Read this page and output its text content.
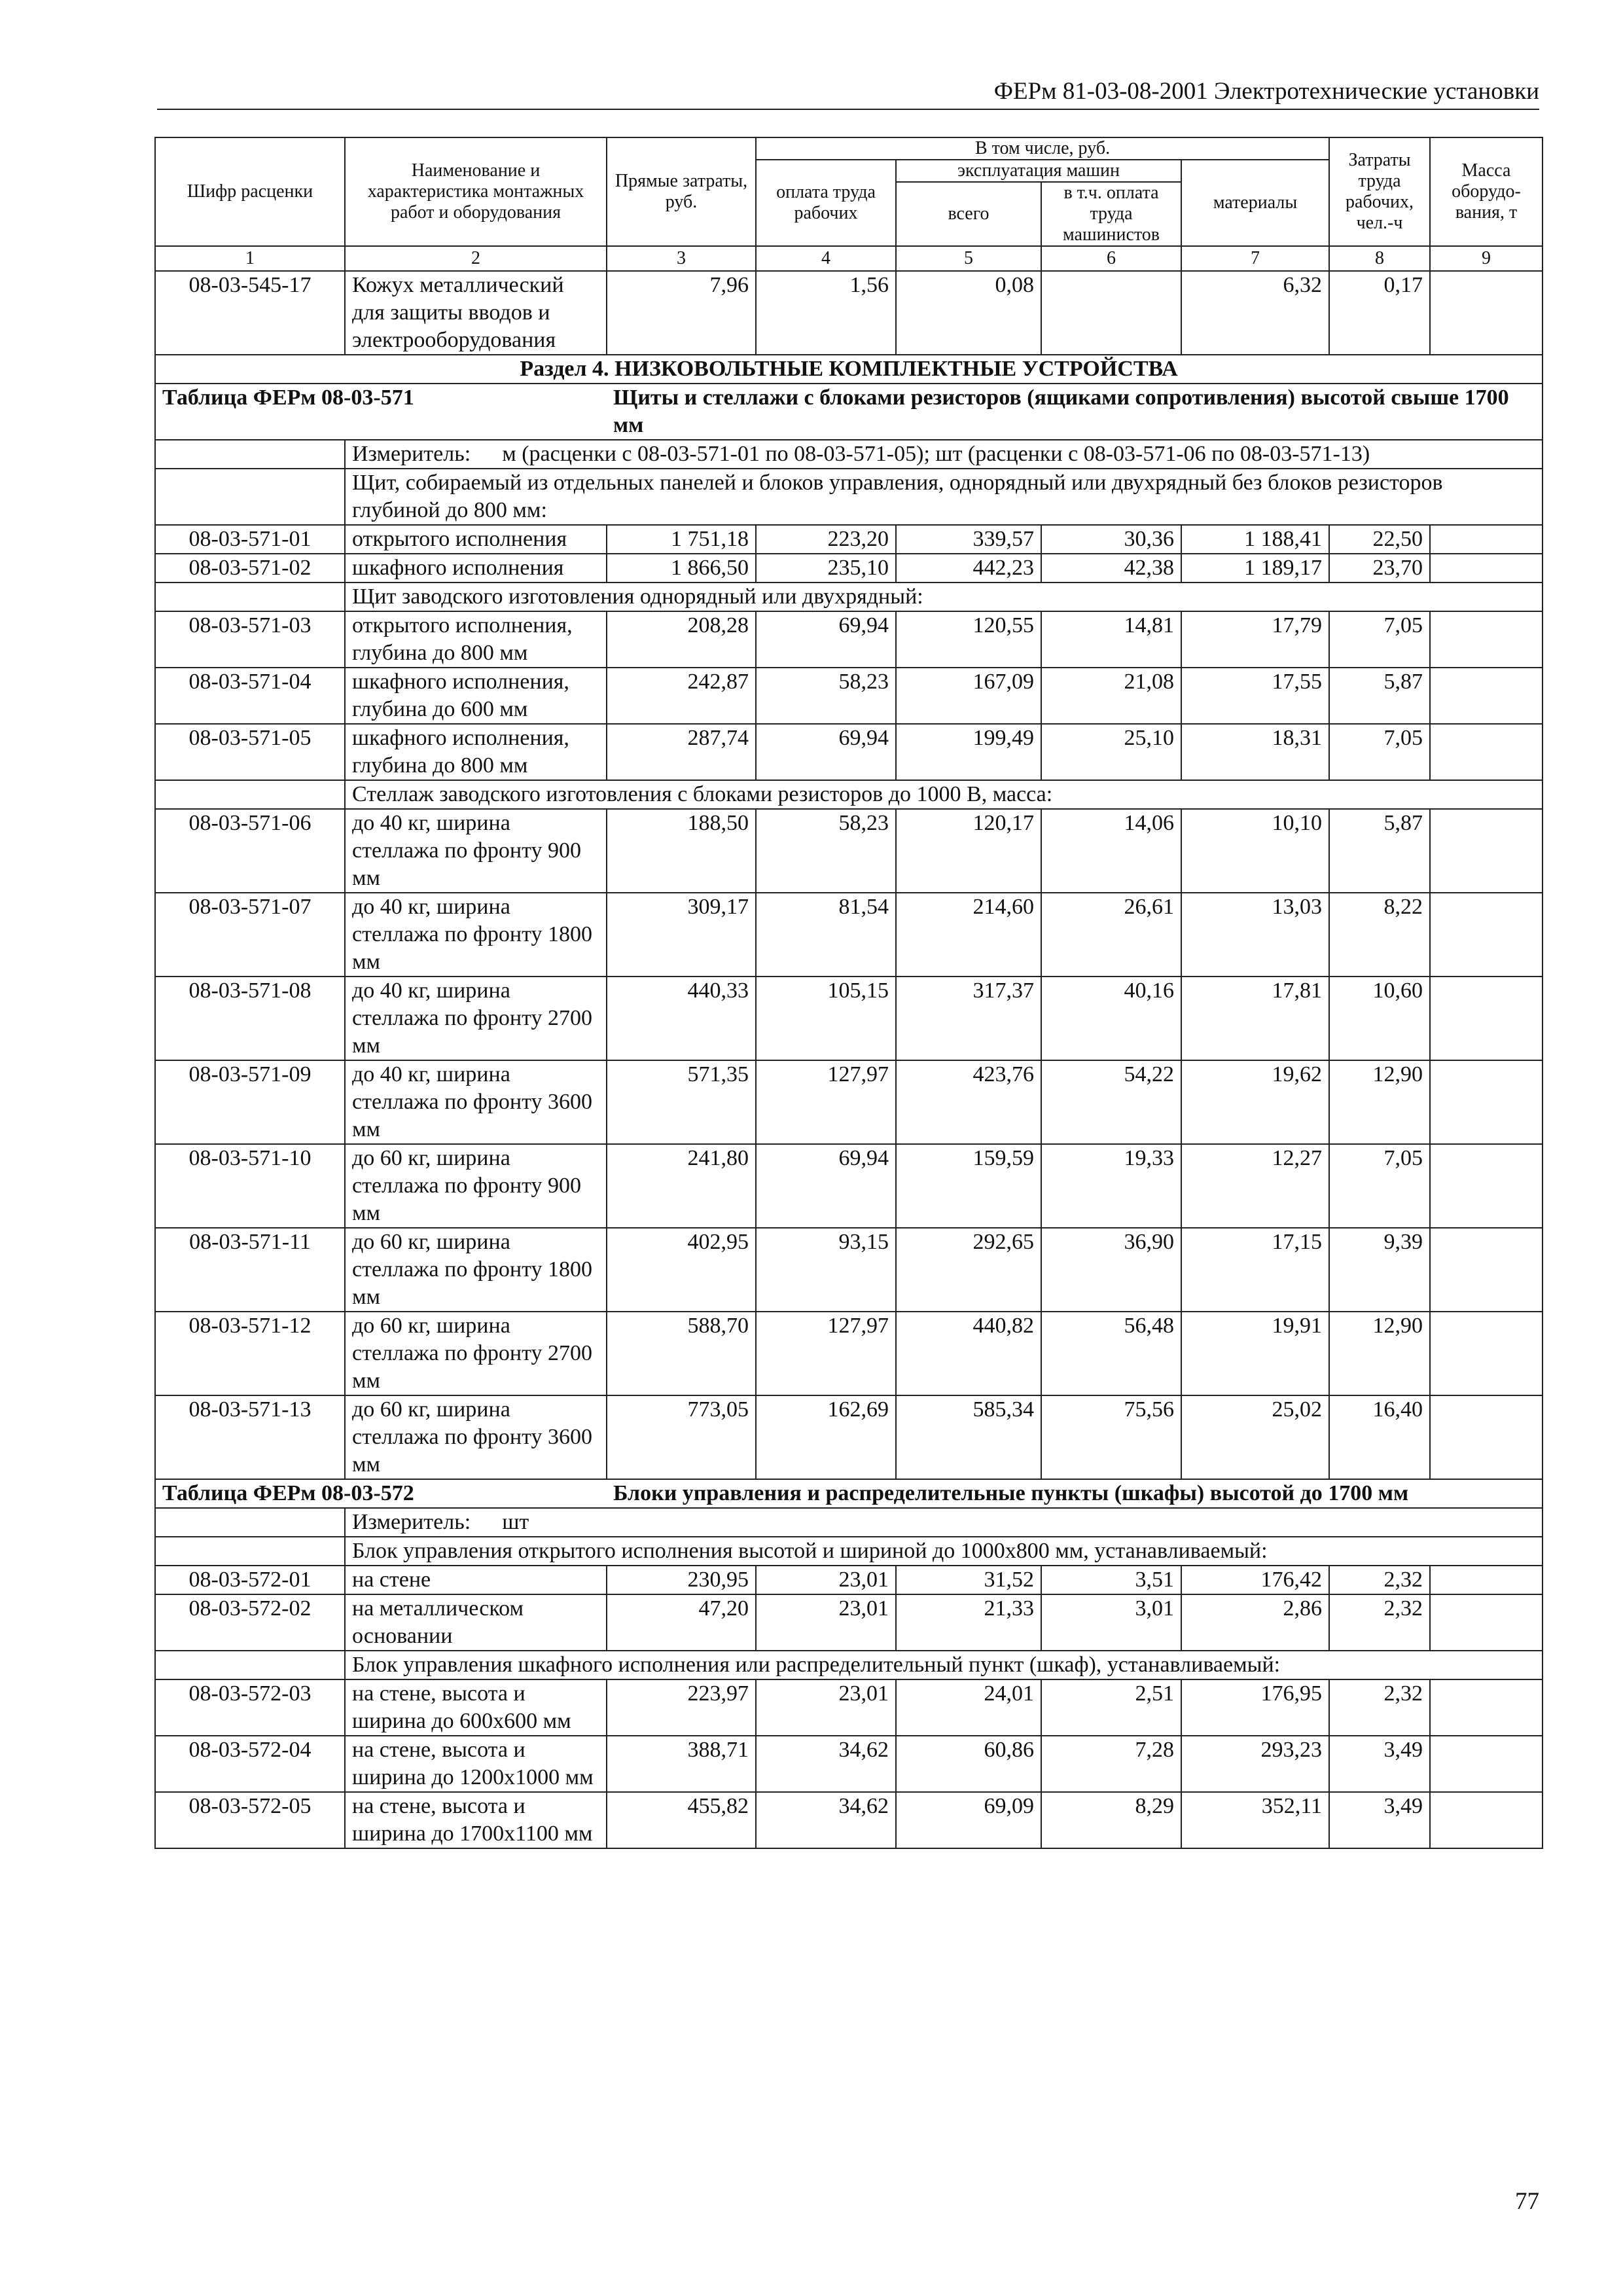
ФЕРм 81-03-08-2001 Электротехнические установки
Шифр расценки	Наименование и характеристика монтажных работ и оборудования	Прямые затраты, руб.	В том числе, руб.				Затраты труда рабочих, чел.-ч	Масса оборудо-вания, т
			оплата труда рабочих	эксплуатация машин		материалы		
				всего	в т.ч. оплата труда машинистов			

1	2	3	4	5	6	7	8	9
08-03-545-17	Кожух металлический для защиты вводов и электрооборудования	7,96	1,56	0,08		6,32	0,17	
Раздел 4. НИЗКОВОЛЬТНЫЕ КОМПЛЕКТНЫЕ УСТРОЙСТВА								
Таблица ФЕРм 08-03-571		Щиты и стеллажи с блоками резисторов (ящиками сопротивления) высотой свыше 1700 мм						
	Измеритель: м (расценки с 08-03-571-01 по 08-03-571-05); шт (расценки с 08-03-571-06 по 08-03-571-13)							
	Щит, собираемый из отдельных панелей и блоков управления, однорядный или двухрядный без блоков резисторов глубиной до 800 мм:							
08-03-571-01	открытого исполнения	1 751,18	223,20	339,57	30,36	1 188,41	22,50	
08-03-571-02	шкафного исполнения	1 866,50	235,10	442,23	42,38	1 189,17	23,70	
	Щит заводского изготовления однорядный или двухрядный:							
08-03-571-03	открытого исполнения, глубина до 800 мм	208,28	69,94	120,55	14,81	17,79	7,05	
08-03-571-04	шкафного исполнения, глубина до 600 мм	242,87	58,23	167,09	21,08	17,55	5,87	
08-03-571-05	шкафного исполнения, глубина до 800 мм	287,74	69,94	199,49	25,10	18,31	7,05	
	Стеллаж заводского изготовления с блоками резисторов до 1000 В, масса:							
08-03-571-06	до 40 кг, ширина стеллажа по фронту 900 мм	188,50	58,23	120,17	14,06	10,10	5,87	
08-03-571-07	до 40 кг, ширина стеллажа по фронту 1800 мм	309,17	81,54	214,60	26,61	13,03	8,22	
08-03-571-08	до 40 кг, ширина стеллажа по фронту 2700 мм	440,33	105,15	317,37	40,16	17,81	10,60	
08-03-571-09	до 40 кг, ширина стеллажа по фронту 3600 мм	571,35	127,97	423,76	54,22	19,62	12,90	
08-03-571-10	до 60 кг, ширина стеллажа по фронту 900 мм	241,80	69,94	159,59	19,33	12,27	7,05	
08-03-571-11	до 60 кг, ширина стеллажа по фронту 1800 мм	402,95	93,15	292,65	36,90	17,15	9,39	
08-03-571-12	до 60 кг, ширина стеллажа по фронту 2700 мм	588,70	127,97	440,82	56,48	19,91	12,90	
08-03-571-13	до 60 кг, ширина стеллажа по фронту 3600 мм	773,05	162,69	585,34	75,56	25,02	16,40	
Таблица ФЕРм 08-03-572		Блоки управления и распределительные пункты (шкафы) высотой до 1700 мм						
	Измеритель: шт							
	Блок управления открытого исполнения высотой и шириной до 1000x800 мм, устанавливаемый:							
08-03-572-01	на стене	230,95	23,01	31,52	3,51	176,42	2,32	
08-03-572-02	на металлическом основании	47,20	23,01	21,33	3,01	2,86	2,32	
	Блок управления шкафного исполнения или распределительный пункт (шкаф), устанавливаемый:							
08-03-572-03	на стене, высота и ширина до 600x600 мм	223,97	23,01	24,01	2,51	176,95	2,32	
08-03-572-04	на стене, высота и ширина до 1200x1000 мм	388,71	34,62	60,86	7,28	293,23	3,49	
08-03-572-05	на стене, высота и ширина до 1700x1100 мм	455,82	34,62	69,09	8,29	352,11	3,49	
77
